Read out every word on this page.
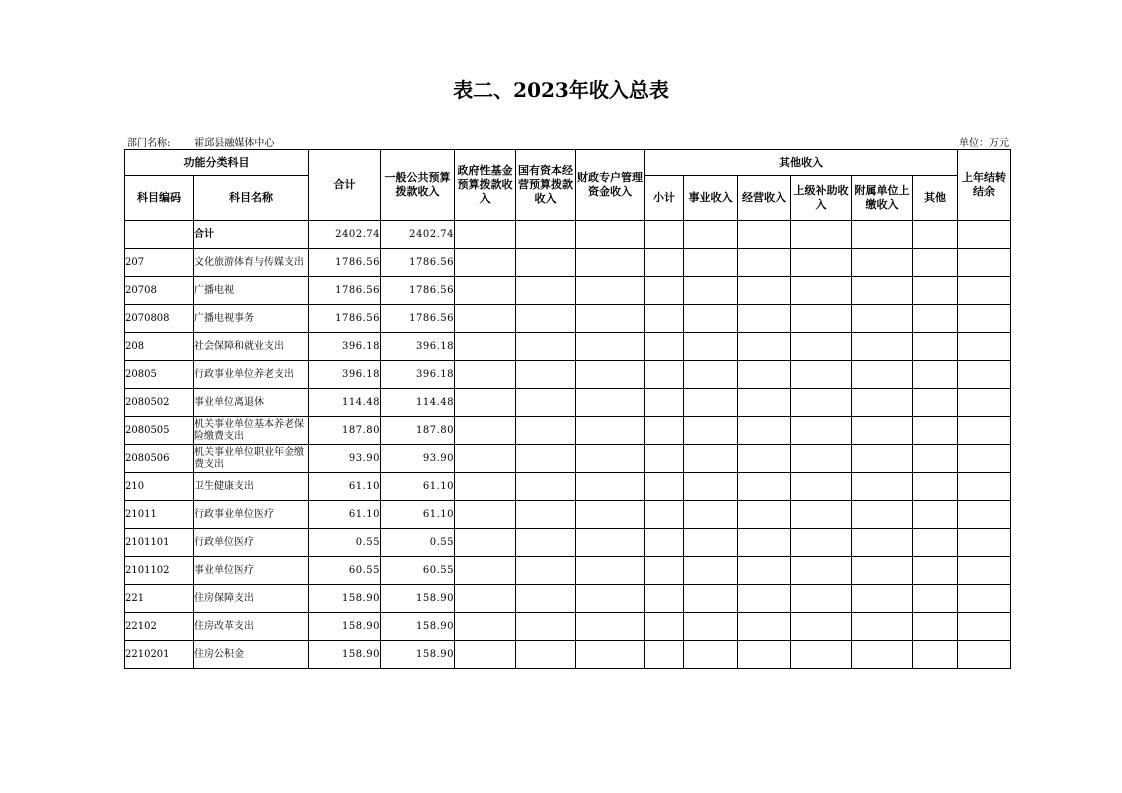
表二、2023年收入总表
部门名称: 霍邱县融媒体中心	单位：万元
功能分类科目		合计	一般公共预算拨款收入	政府性基金预算拨款收入	国有资本经营预算拨款收入	财政专户管理资金收入	其他收入						上年结转结余
科目编码	科目名称						小计	事业收入	经营收入	上级补助收入	附属单位上缴收入	其他	
	合计	2402.74	2402.74										
207	文化旅游体育与传媒支出	1786.56	1786.56										
20708	广播电视	1786.56	1786.56										
2070808	广播电视事务	1786.56	1786.56										
208	社会保障和就业支出	396.18	396.18										
20805	行政事业单位养老支出	396.18	396.18										
2080502	事业单位离退休	114.48	114.48										
2080505	机关事业单位基本养老保险缴费支出	187.80	187.80										
2080506	机关事业单位职业年金缴费支出	93.90	93.90										
210	卫生健康支出	61.10	61.10										
21011	行政事业单位医疗	61.10	61.10										
2101101	行政单位医疗	0.55	0.55										
2101102	事业单位医疗	60.55	60.55										
221	住房保障支出	158.90	158.90										
22102	住房改革支出	158.90	158.90										
2210201	住房公积金	158.90	158.90										
